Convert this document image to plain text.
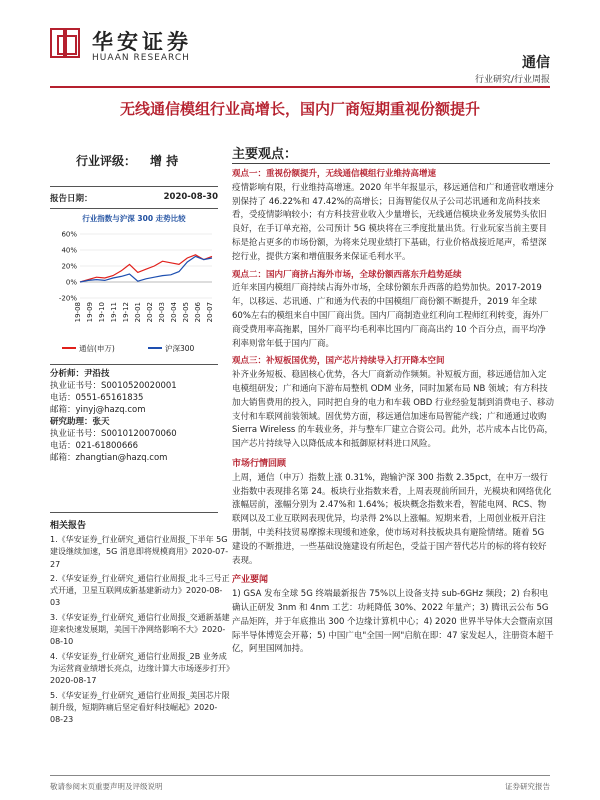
华安证券
HUAAN RESEARCH	通信
行业研究/行业周报
无线通信模组行业高增长，国内厂商短期重视份额提升
行业评级： 增 持
报告日期：	2020-08-30
行业指数与沪深 300 走势比较
60%
40%
20%
0%
-20%
19-08 19-09 19-10 19-11 19-12 20-01 20-02 20-03 20-04 20-05 20-06 20-07
通信(申万)	沪深300
分析师：尹沿技
执业证书号：S0010520020001
电话：0551-65161835
邮箱：yinyj@hazq.com
研究助理：张天
执业证书号：S0010120070060
电话：021-61800666
邮箱：zhangtian@hazq.com
相关报告
1.《华安证券_行业研究_通信行业周报_下半年 5G 建设继续加速，5G 消息即将规模商用》2020-07-27
2.《华安证券_行业研究_通信行业周报_北斗三号正式开通，卫星互联网成新基建新动力》2020-08-03
3.《华安证券_行业研究_通信行业周报_交通新基建迎来快速发展期，美国干净网络影响不大》2020-08-10
4.《华安证券_行业研究_通信行业周报_2B 业务成为运营商业绩增长亮点，边缘计算大市场逐步打开》2020-08-17
5.《华安证券_行业研究_通信行业周报_美国芯片限制升级，短期阵痛后坚定看好科技崛起》2020-08-23
主要观点：
观点一：重视份额提升，无线通信模组行业维持高增速
疫情影响有限，行业维持高增速。2020 年半年报显示，移远通信和广和通营收增速分别保持了 46.22%和 47.42%的高增长；日海智能仅从子公司芯讯通和龙尚科技来看，受疫情影响较小；有方科技营业收入少量增长，无线通信模块业务发展势头依旧良好，在手订单充裕，公司预计 5G 模块将在三季度批量出货。行业玩家当前主要目标是抢占更多的市场份额，为将来兑现业绩打下基础，行业价格战接近尾声，希望深挖行业，提供方案和增值服务来保证毛利水平。
观点二：国内厂商挤占海外市场，全球份额西落东升趋势延续
近年来国内模组厂商持续占海外市场，全球份额东升西落的趋势加快。2017-2019 年，以移远、芯讯通、广和通为代表的中国模组厂商份额不断提升，2019 年全球 60%左右的模组来自中国厂商出货。国内厂商制造业红利向工程师红利转变，海外厂商受费用率高拖累，国外厂商平均毛利率比国内厂商高出约 10 个百分点，而平均净利率则常年低于国内厂商。
观点三：补短板国优势，国产芯片持续导入打开降本空间
补齐业务短板、稳固核心优势，各大厂商新动作频频。补短板方面，移远通信加入定电模组研发；广和通向下游布局整机 ODM 业务，同时加紧布局 NB 领域；有方科技加大销售费用的投入，同时把自身的电力和车载 OBD 行业经验复制到消费电子、移动支付和车联网前装领域。固优势方面，移远通信加速布局智能产线；广和通通过收购 Sierra Wireless 的车载业务，并与整车厂建立合资公司。此外，芯片成本占比仍高，国产芯片持续导入以降低成本和抵御原材料进口风险。
市场行情回顾
上周，通信（申万）指数上涨 0.31%，跑输沪深 300 指数 2.35pct，在申万一级行业指数中表现排名第 24。板块行业指数来看，上周表现前所回升，光模块和网络优化涨幅居前，涨幅分别为 2.47%和 1.64%；板块概念指数来看，智能电网、RCS、物联网以及工业互联网表现优异，均录得 2%以上涨幅。短期来看，上周创业板开启注册制，中美科技贸易摩擦未现缓和迹象，使市场对科技板块具有避险情绪。随着 5G 建设的不断推进，一些基础设施建设有所起色，受益于国产替代芯片的标的将有较好表现。
产业要闻
1) GSA 发布全球 5G 终端最新报告 75%以上设备支持 sub-6GHz 频段；2) 台积电确认正研发 3nm 和 4nm 工艺：功耗降低 30%、2022 年量产；3) 腾讯云公布 5G 产品矩阵，并于年底推出 300 个边缘计算机中心；4) 2020 世界半导体大会暨南京国际半导体博览会开幕；5) 中国广电"全国一网"启航在即：47 家发起人，注册资本超千亿，阿里国网加持。
敬请参阅末页重要声明及评级说明	证券研究报告
